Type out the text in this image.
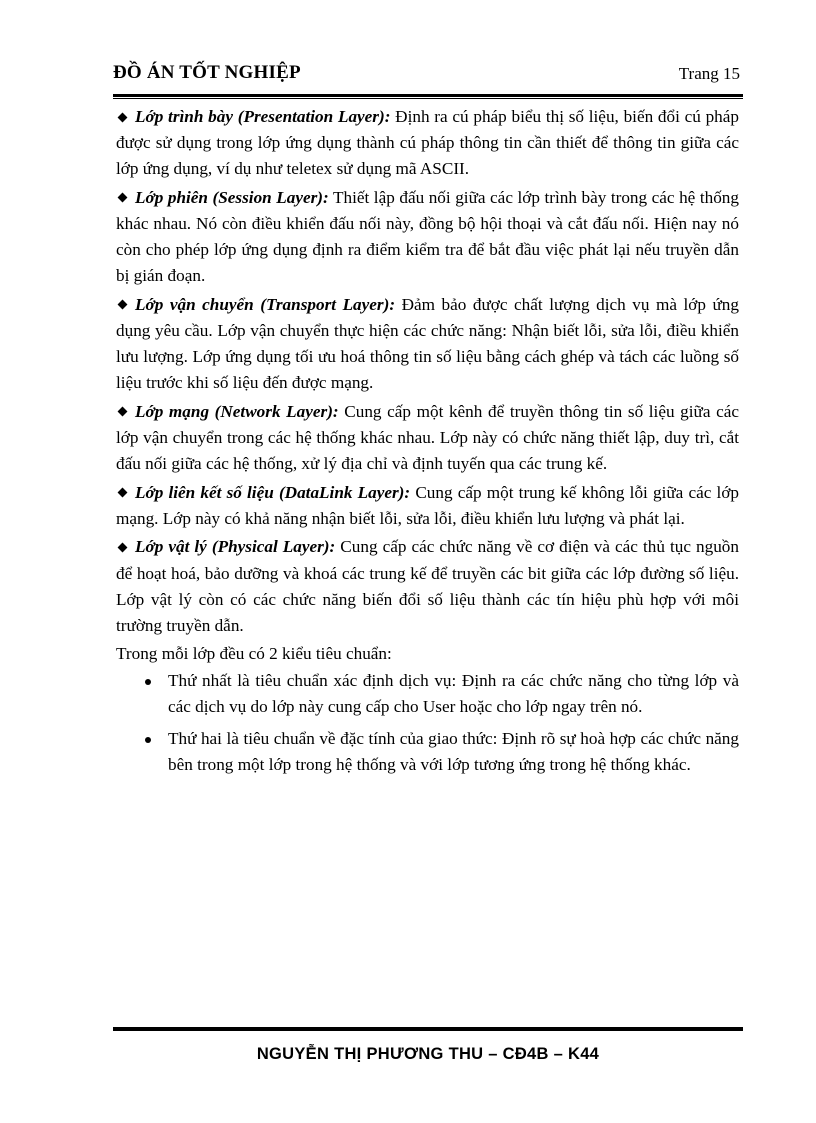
ĐỒ ÁN TỐT NGHIỆP	Trang 15

Lớp trình bày (Presentation Layer): Định ra cú pháp biểu thị số liệu, biến đổi cú pháp được sử dụng trong lớp ứng dụng thành cú pháp thông tin cần thiết để thông tin giữa các lớp ứng dụng, ví dụ như teletex sử dụng mã ASCII.

Lớp phiên (Session Layer): Thiết lập đấu nối giữa các lớp trình bày trong các hệ thống khác nhau. Nó còn điều khiển đấu nối này, đồng bộ hội thoại và cắt đấu nối. Hiện nay nó còn cho phép lớp ứng dụng định ra điểm kiểm tra để bắt đầu việc phát lại nếu truyền dẫn bị gián đoạn.

Lớp vận chuyển (Transport Layer): Đảm bảo được chất lượng dịch vụ mà lớp ứng dụng yêu cầu. Lớp vận chuyển thực hiện các chức năng: Nhận biết lỗi, sửa lỗi, điều khiển lưu lượng. Lớp ứng dụng tối ưu hoá thông tin số liệu bằng cách ghép và tách các luồng số liệu trước khi số liệu đến được mạng.

Lớp mạng (Network Layer): Cung cấp một kênh để truyền thông tin số liệu giữa các lớp vận chuyển trong các hệ thống khác nhau. Lớp này có chức năng thiết lập, duy trì, cắt đấu nối giữa các hệ thống, xử lý địa chỉ và định tuyến qua các trung kế.

Lớp liên kết số liệu (DataLink Layer): Cung cấp một trung kế không lỗi giữa các lớp mạng. Lớp này có khả năng nhận biết lỗi, sửa lỗi, điều khiển lưu lượng và phát lại.

Lớp vật lý (Physical Layer): Cung cấp các chức năng về cơ điện và các thủ tục nguồn để hoạt hoá, bảo dưỡng và khoá các trung kế để truyền các bit giữa các lớp đường số liệu. Lớp vật lý còn có các chức năng biến đổi số liệu thành các tín hiệu phù hợp với môi trường truyền dẫn.

Trong mỗi lớp đều có 2 kiểu tiêu chuẩn:

Thứ nhất là tiêu chuẩn xác định dịch vụ: Định ra các chức năng cho từng lớp và các dịch vụ do lớp này cung cấp cho User hoặc cho lớp ngay trên nó.
Thứ hai là tiêu chuẩn về đặc tính của giao thức: Định rõ sự hoà hợp các chức năng bên trong một lớp trong hệ thống và với lớp tương ứng trong hệ thống khác.
NGUYỄN THỊ PHƯƠNG THU – CĐ4B – K44
